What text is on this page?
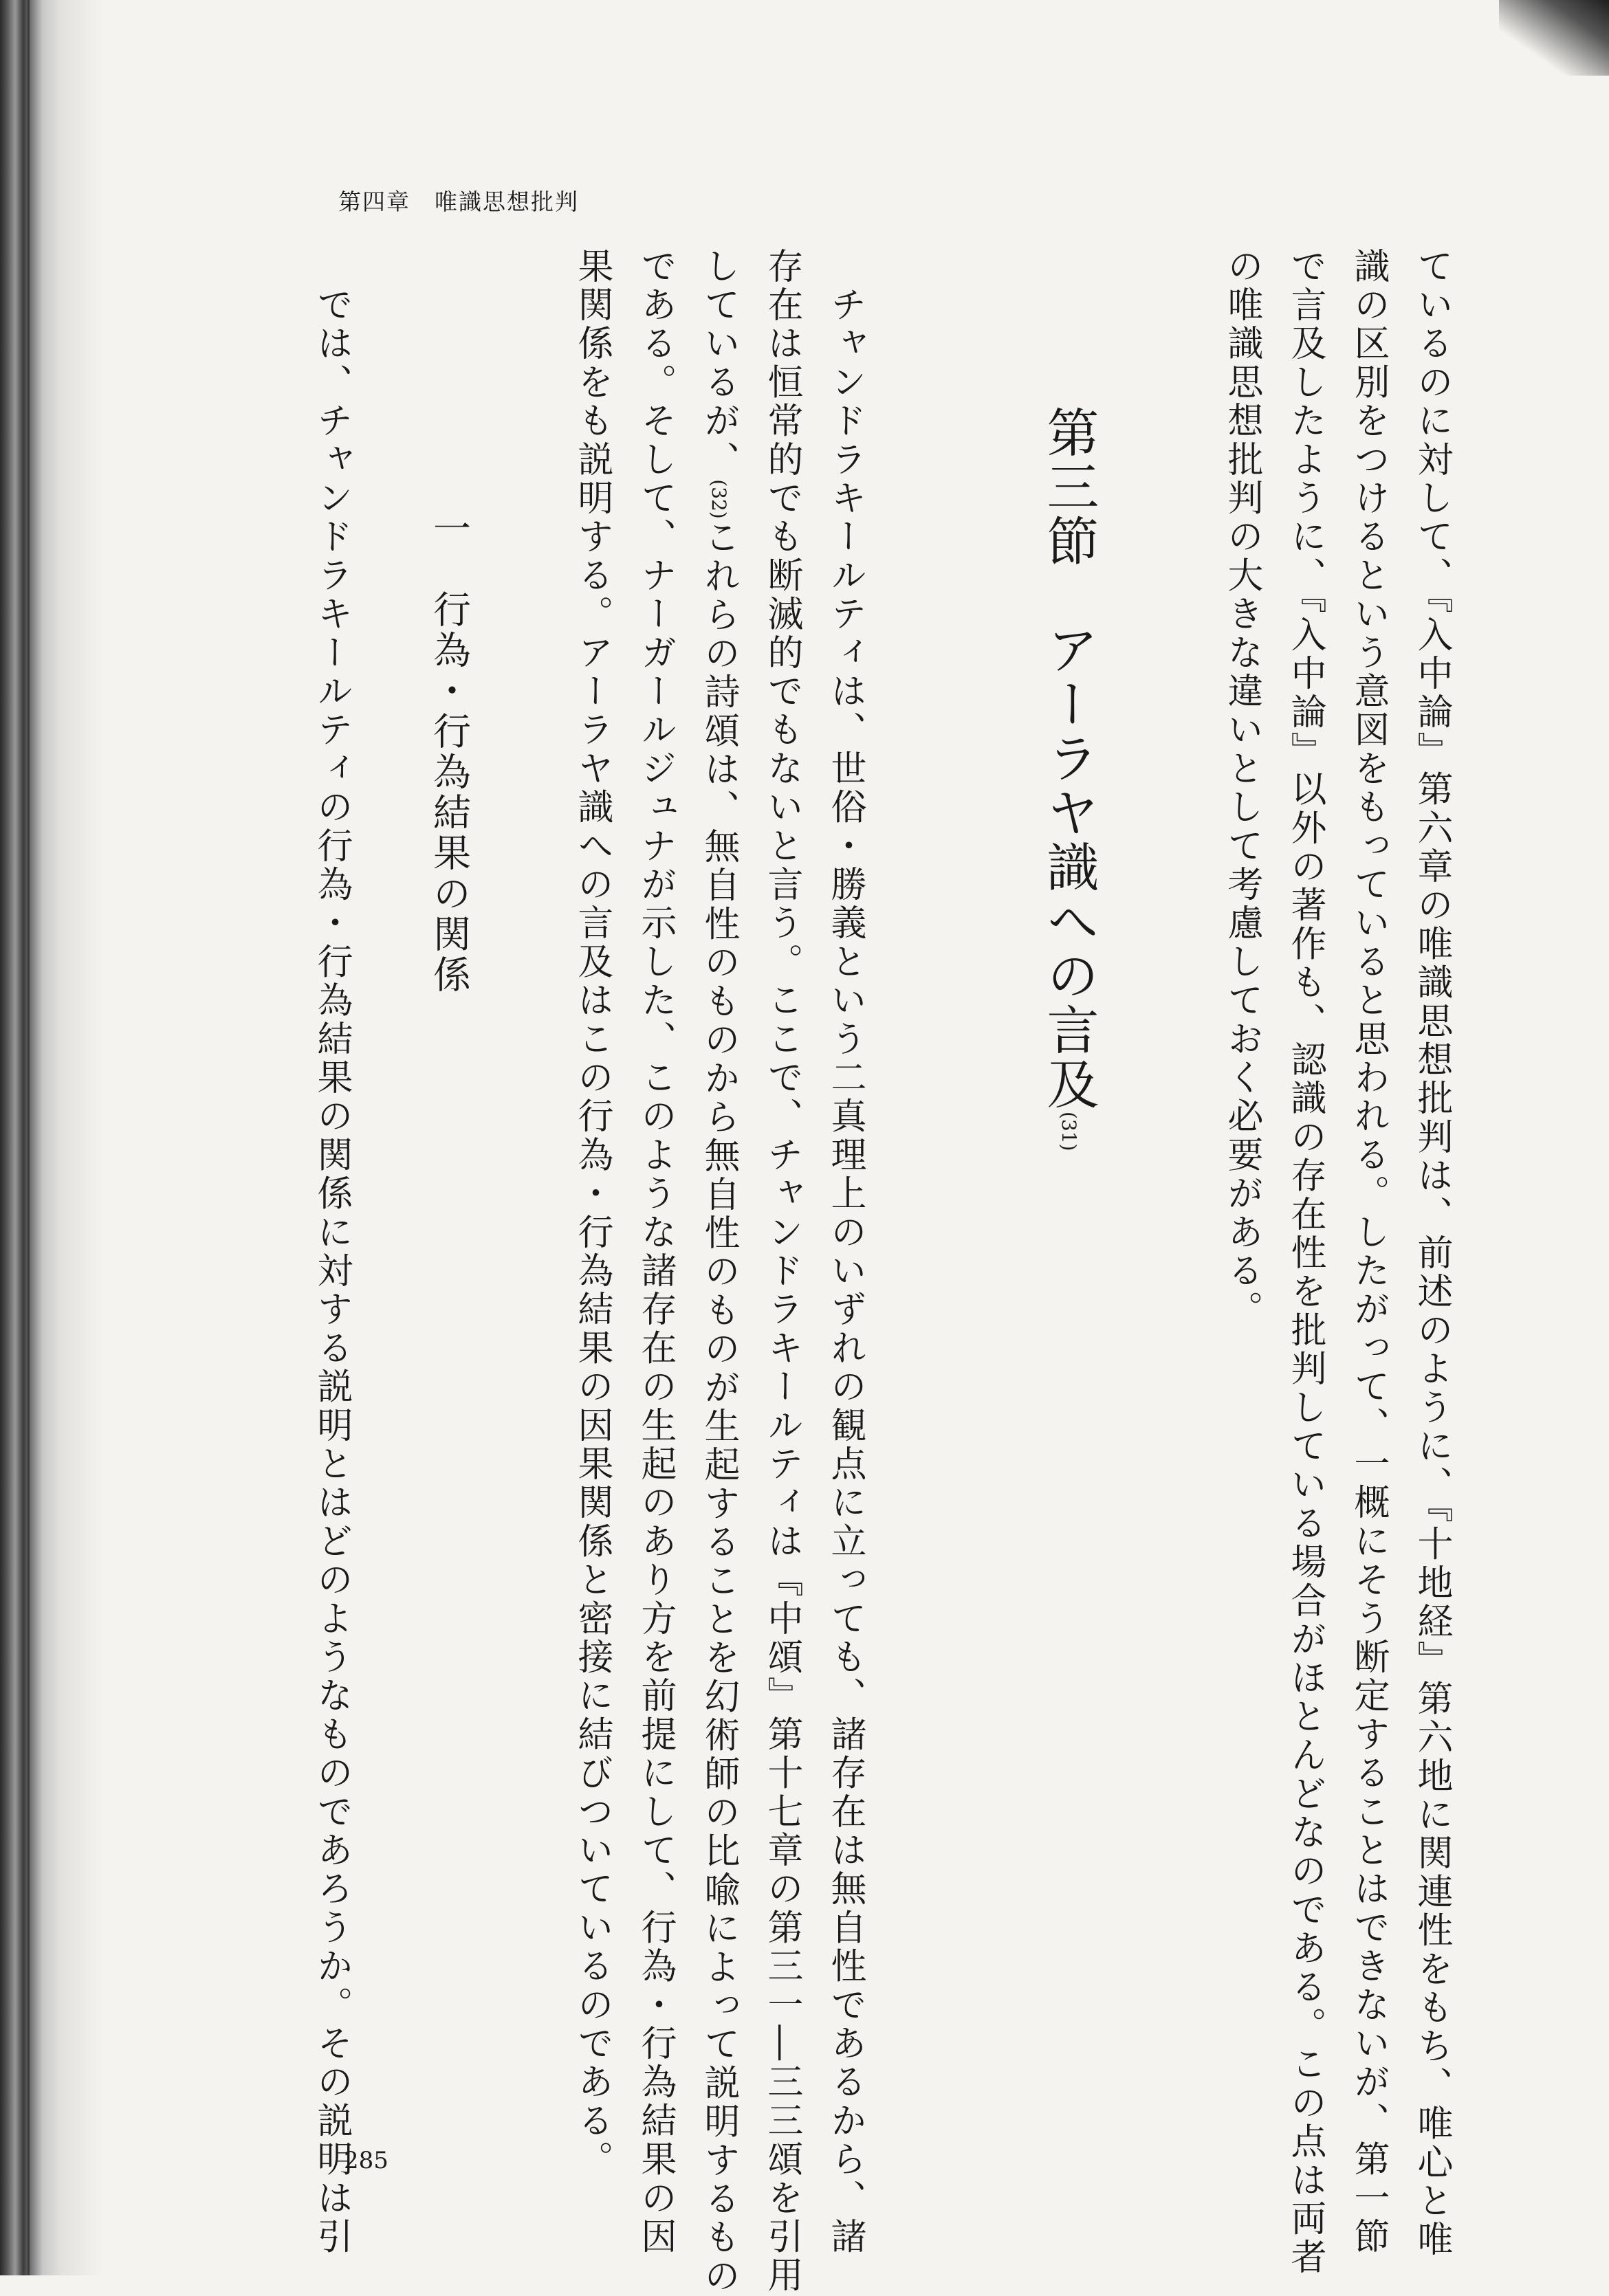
第四章　唯識思想批判
ているのに対して、『入中論』第六章の唯識思想批判は、前述のように、『十地経』第六地に関連性をもち、唯心と唯
識の区別をつけるという意図をもっていると思われる。したがって、一概にそう断定することはできないが、第一節
で言及したように、『入中論』以外の著作も、認識の存在性を批判している場合がほとんどなのである。この点は両者
の唯識思想批判の大きな違いとして考慮しておく必要がある。
第三節　アーラヤ識への言及(31)
　チャンドラキールティは、世俗・勝義という二真理上のいずれの観点に立っても、諸存在は無自性であるから、諸
存在は恒常的でも断滅的でもないと言う。ここで、チャンドラキールティは『中頌』第十七章の第三一―三三頌を引用
しているが、(32)これらの詩頌は、無自性のものから無自性のものが生起することを幻術師の比喩によって説明するもの
である。そして、ナーガールジュナが示した、このような諸存在の生起のあり方を前提にして、行為・行為結果の因
果関係をも説明する。アーラヤ識への言及はこの行為・行為結果の因果関係と密接に結びついているのである。
一　行為・行為結果の関係
　では、チャンドラキールティの行為・行為結果の関係に対する説明とはどのようなものであろうか。その説明は引
285
